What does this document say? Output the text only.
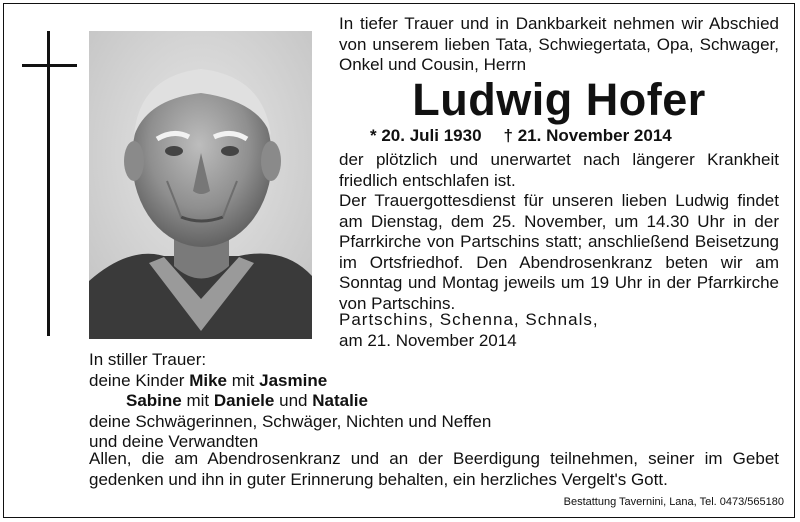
In tiefer Trauer und in Dankbarkeit nehmen wir Abschied von unserem lieben Tata, Schwiegertata, Opa, Schwager, Onkel und Cousin, Herrn

Ludwig Hofer
* 20. Juli 1930 † 21. November 2014
der plötzlich und unerwartet nach längerer Krankheit friedlich entschlafen ist.
Der Trauergottesdienst für unseren lieben Ludwig findet am Dienstag, dem 25. November, um 14.30 Uhr in der Pfarrkirche von Partschins statt; anschließend Beisetzung im Ortsfriedhof. Den Abendrosenkranz beten wir am Sonntag und Montag jeweils um 19 Uhr in der Pfarrkirche von Partschins.
Partschins, Schenna, Schnals,
am 21. November 2014
In stiller Trauer:
deine Kinder Mike mit Jasmine
Sabine mit Daniele und Natalie
deine Schwägerinnen, Schwäger, Nichten und Neffen
und deine Verwandten

Allen, die am Abendrosenkranz und an der Beerdigung teilnehmen, seiner im Gebet gedenken und ihn in guter Erinnerung behalten, ein herzliches Vergelt's Gott.

Bestattung Tavernini, Lana, Tel. 0473/565180
